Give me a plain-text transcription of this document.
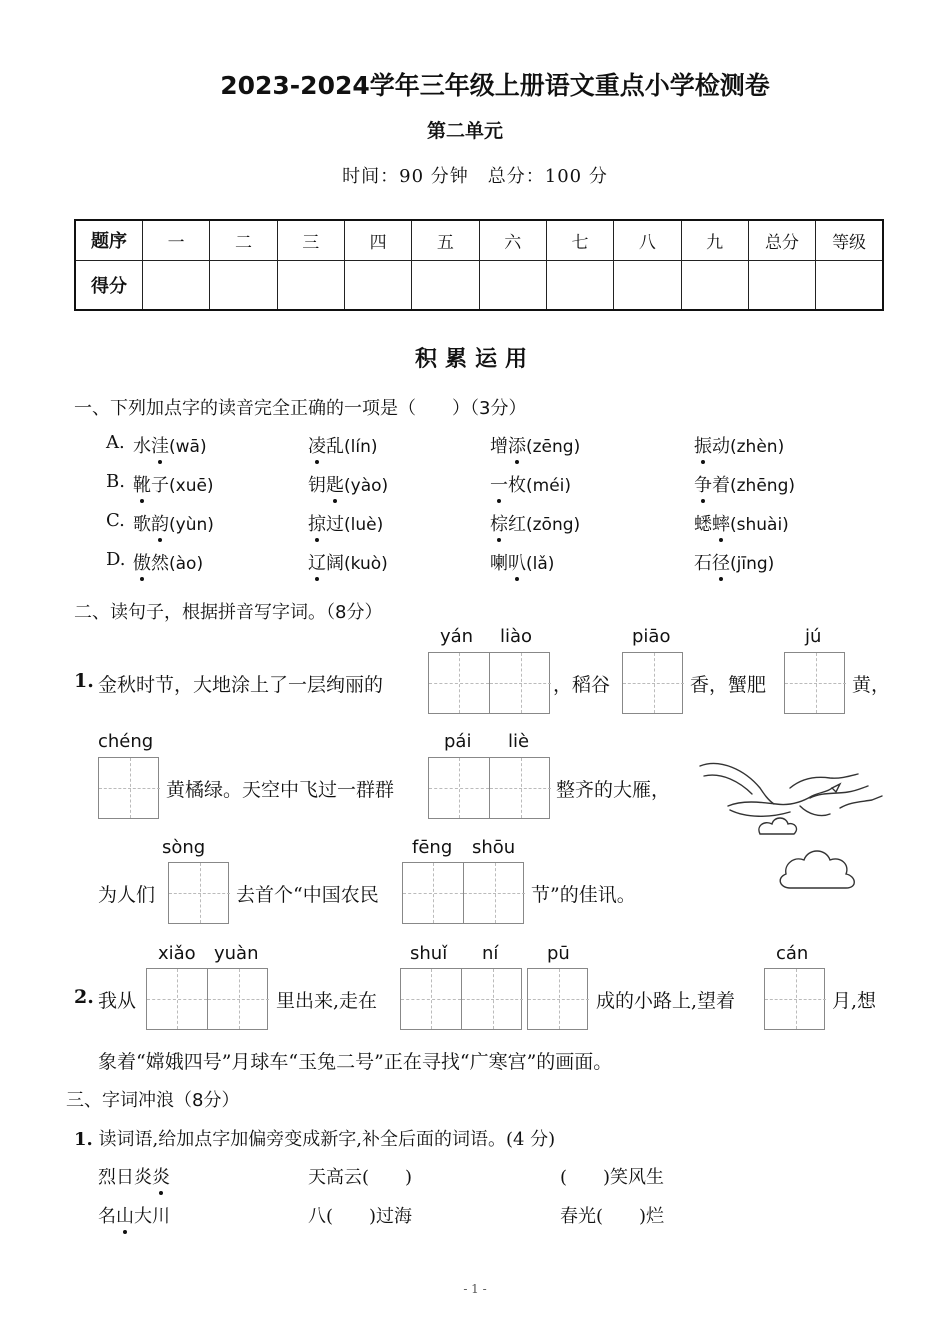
2023-2024学年三年级上册语文重点小学检测卷
第二单元
时间：90 分钟　总分：100 分
题序	一	二	三	四	五	六	七	八	九	总分	等级
得分											
积累运用
一、下列加点字的读音完全正确的一项是（　　）（3分）
A. 水洼(wā)	凌乱(lín)	增添(zēng)	振动(zhèn)
B. 靴子(xuē)	钥匙(yào)	一枚(méi)	争着(zhēng)
C. 歌韵(yùn)	掠过(luè)	棕红(zōng)	蟋蟀(shuài)
D. 傲然(ào)	辽阔(kuò)	喇叭(lǎ)	石径(jīng)
二、读句子，根据拼音写字词。（8分）
yán liào	piāo	jú
1. 金秋时节，大地涂上了一层绚丽的	，稻谷	香，蟹肥	黄，
chéng	pái liè
黄橘绿。天空中飞过一群群	整齐的大雁，
sòng	fēng shōu
为人们	去首个“中国农民	节”的佳讯。
xiǎo yuàn	shuǐ ní	pū	cán
2. 我从	里出来,走在	成的小路上,望着	月,想
象着“嫦娥四号”月球车“玉兔二号”正在寻找“广寒宫”的画面。
三、字词冲浪（8分）
1. 读词语,给加点字加偏旁变成新字,补全后面的词语。(4 分)
烈日炎炎	天高云(　　)	(　　)笑风生
名山大川	八(　　)过海	春光(　　)烂
- 1 -
